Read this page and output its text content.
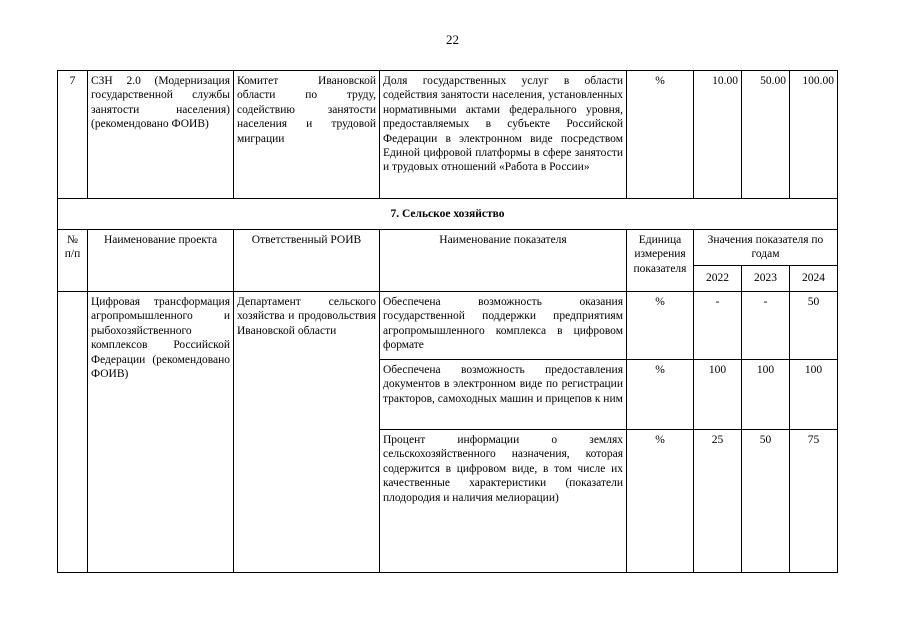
22
7	СЗН 2.0 (Модернизация государственной службы занятости населения) (рекомендовано ФОИВ)	Комитет Ивановской области по труду, содействию занятости населения и трудовой миграции	Доля государственных услуг в области содействия занятости населения, установленных нормативными актами федерального уровня, предоставляемых в субъекте Российской Федерации в электронном виде посредством Единой цифровой платформы в сфере занятости и трудовых отношений «Работа в России»	%	10.00	50.00	100.00
7. Сельское хозяйство							
№ п/п	Наименование проекта	Ответственный РОИВ	Наименование показателя	Единица измерения показателя	Значения показателя по годам		
					2022	2023	2024
	Цифровая трансформация агропромышленного и рыбохозяйственного комплексов Российской Федерации (рекомендовано ФОИВ)	Департамент сельского хозяйства и продовольствия Ивановской области	Обеспечена возможность оказания государственной поддержки предприятиям агропромышленного комплекса в цифровом формате	%	-	-	50
			Обеспечена возможность предоставления документов в электронном виде по регистрации тракторов, самоходных машин и прицепов к ним	%	100	100	100
			Процент информации о землях сельскохозяйственного назначения, которая содержится в цифровом виде, в том числе их качественные характеристики (показатели плодородия и наличия мелиорации)	%	25	50	75
